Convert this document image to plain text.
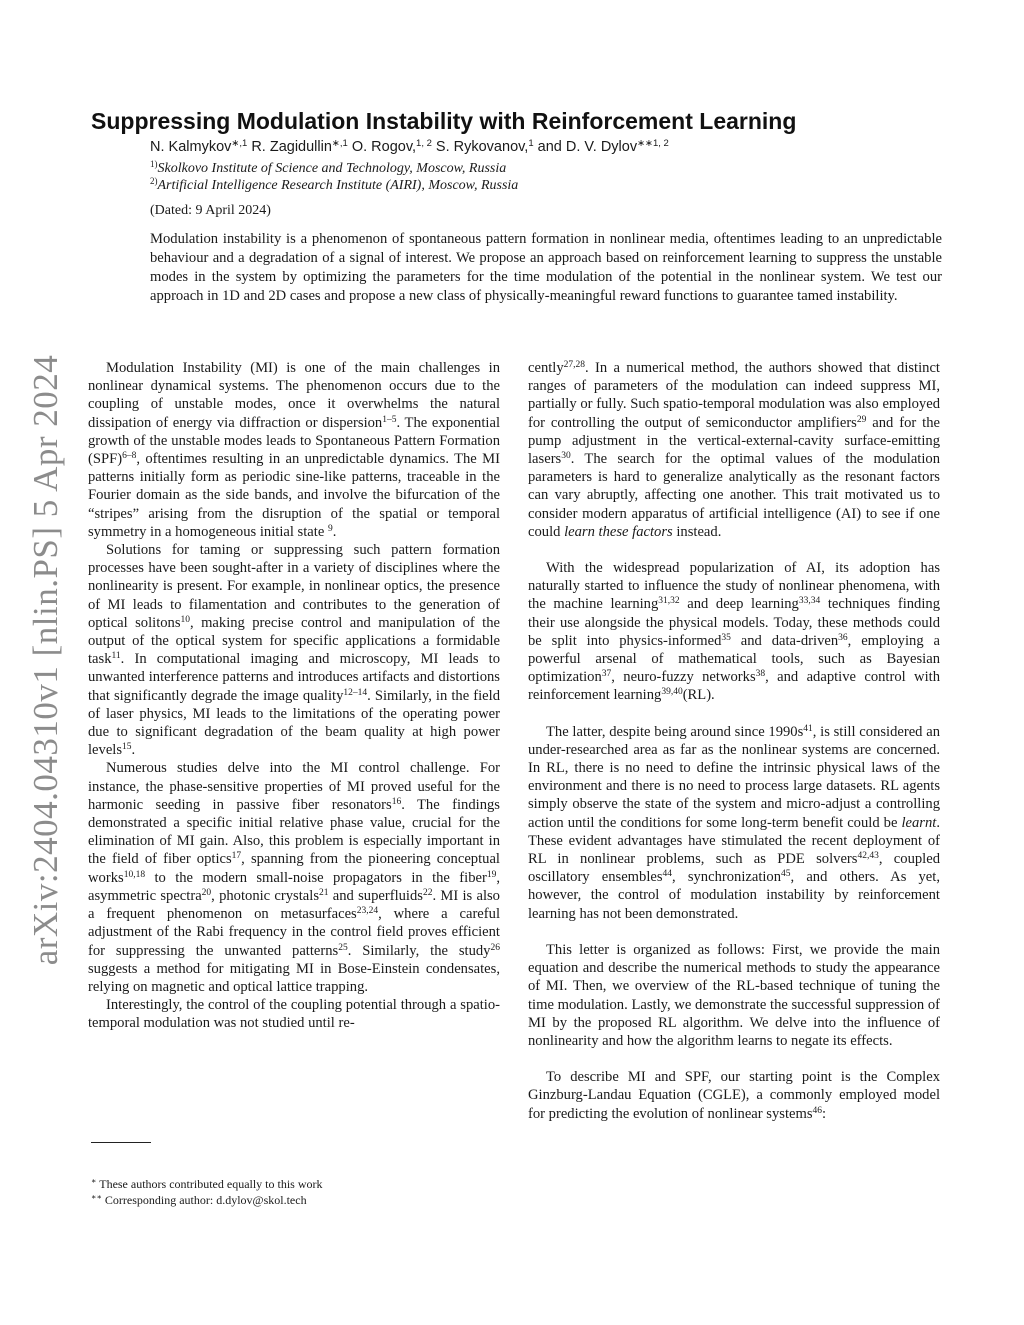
arXiv:2404.04310v1 [nlin.PS] 5 Apr 2024
Suppressing Modulation Instability with Reinforcement Learning
N. Kalmykov$^{∗,1}$ R. Zagidullin$^{∗,1}$ O. Rogov,$^{1, 2}$ S. Rykovanov,$^1$ and D. V. Dylov$^{∗∗1, 2}$
$^{1)}$Skolkovo Institute of Science and Technology, Moscow, Russia
$^{2)}$Artificial Intelligence Research Institute (AIRI), Moscow, Russia
(Dated: 9 April 2024)
Modulation instability is a phenomenon of spontaneous pattern formation in nonlinear media, oftentimes leading to an unpredictable behaviour and a degradation of a signal of interest. We propose an approach based on reinforcement learning to suppress the unstable modes in the system by optimizing the parameters for the time modulation of the potential in the nonlinear system. We test our approach in 1D and 2D cases and propose a new class of physically-meaningful reward functions to guarantee tamed instability.

Modulation Instability (MI) is one of the main challenges in nonlinear dynamical systems. The phenomenon occurs due to the coupling of unstable modes, once it overwhelms the natural dissipation of energy via diffraction or dispersion$^{1-5}$. The exponential growth of the unstable modes leads to Spontaneous Pattern Formation (SPF)$^{6-8}$, oftentimes resulting in an unpredictable dynamics. The MI patterns initially form as periodic sine-like patterns, traceable in the Fourier domain as the side bands, and involve the bifurcation of the “stripes” arising from the disruption of the spatial or temporal symmetry in a homogeneous initial state $^9$.

Solutions for taming or suppressing such pattern formation processes have been sought-after in a variety of disciplines where the nonlinearity is present. For example, in nonlinear optics, the presence of MI leads to filamentation and contributes to the generation of optical solitons$^{10}$, making precise control and manipulation of the output of the optical system for specific applications a formidable task$^{11}$. In computational imaging and microscopy, MI leads to unwanted interference patterns and introduces artifacts and distortions that significantly degrade the image quality$^{12-14}$. Similarly, in the field of laser physics, MI leads to the limitations of the operating power due to significant degradation of the beam quality at high power levels$^{15}$.

Numerous studies delve into the MI control challenge. For instance, the phase-sensitive properties of MI proved useful for the harmonic seeding in passive fiber resonators$^{16}$. The findings demonstrated a specific initial relative phase value, crucial for the elimination of MI gain. Also, this problem is especially important in the field of fiber optics$^{17}$, spanning from the pioneering conceptual works$^{10,18}$ to the modern small-noise propagators in the fiber$^{19}$, asymmetric spectra$^{20}$, photonic crystals$^{21}$ and superfluids$^{22}$. MI is also a frequent phenomenon on metasurfaces$^{23,24}$, where a careful adjustment of the Rabi frequency in the control field proves efficient for suppressing the unwanted patterns$^{25}$. Similarly, the study$^{26}$ suggests a method for mitigating MI in Bose-Einstein condensates, relying on magnetic and optical lattice trapping.

Interestingly, the control of the coupling potential through a spatio-temporal modulation was not studied until re-

cently$^{27,28}$. In a numerical method, the authors showed that distinct ranges of parameters of the modulation can indeed suppress MI, partially or fully. Such spatio-temporal modulation was also employed for controlling the output of semiconductor amplifiers$^{29}$ and for the pump adjustment in the vertical-external-cavity surface-emitting lasers$^{30}$. The search for the optimal values of the modulation parameters is hard to generalize analytically as the resonant factors can vary abruptly, affecting one another. This trait motivated us to consider modern apparatus of artificial intelligence (AI) to see if one could learn these factors instead.

With the widespread popularization of AI, its adoption has naturally started to influence the study of nonlinear phenomena, with the machine learning$^{31,32}$ and deep learning$^{33,34}$ techniques finding their use alongside the physical models. Today, these methods could be split into physics-informed$^{35}$ and data-driven$^{36}$, employing a powerful arsenal of mathematical tools, such as Bayesian optimization$^{37}$, neuro-fuzzy networks$^{38}$, and adaptive control with reinforcement learning$^{39,40}$(RL).

The latter, despite being around since $1990s^{41}$, is still considered an under-researched area as far as the nonlinear systems are concerned. In RL, there is no need to define the intrinsic physical laws of the environment and there is no need to process large datasets. RL agents simply observe the state of the system and micro-adjust a controlling action until the conditions for some long-term benefit could be learnt. These evident advantages have stimulated the recent deployment of RL in nonlinear problems, such as PDE solvers$^{42,43}$, coupled oscillatory ensembles$^{44}$, synchronization$^{45}$, and others. As yet, however, the control of modulation instability by reinforcement learning has not been demonstrated.

This letter is organized as follows: First, we provide the main equation and describe the numerical methods to study the appearance of MI. Then, we overview of the RL-based technique of tuning the time modulation. Lastly, we demonstrate the successful suppression of MI by the proposed RL algorithm. We delve into the influence of nonlinearity and how the algorithm learns to negate its effects.

To describe MI and SPF, our starting point is the Complex Ginzburg-Landau Equation (CGLE), a commonly employed model for predicting the evolution of nonlinear systems$^{46}$:

∗ These authors contributed equally to this work
∗∗ Corresponding author: d.dylov@skol.tech
